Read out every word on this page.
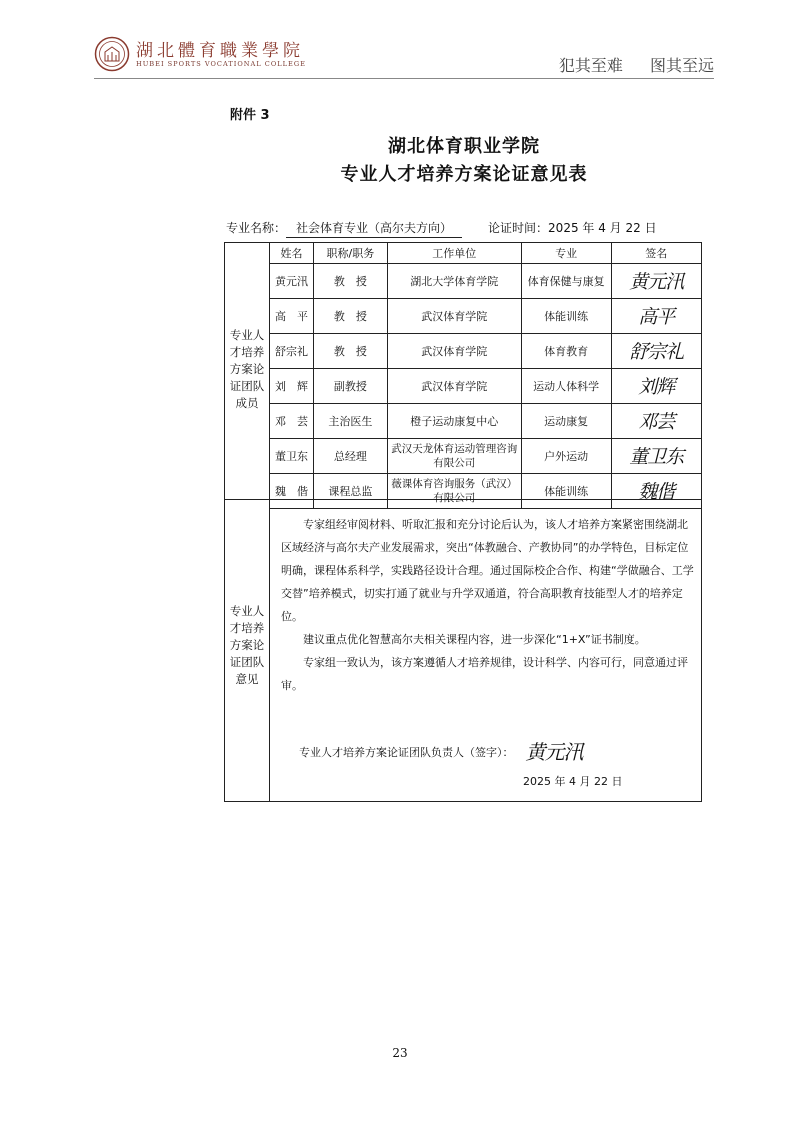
湖北體育職業學院
HUBEI SPORTS VOCATIONAL COLLEGE	犯其至难 图其至远
附件 3
湖北体育职业学院
专业人才培养方案论证意见表
专业名称： 社会体育专业（高尔夫方向）	论证时间：2025 年 4 月 22 日
专业人
才培养
方案论
证团队
成员
姓名	职称/职务	工作单位	专业	签名
黄元汛	教　授	湖北大学体育学院	体育保健与康复	黄元汛
高　平	教　授	武汉体育学院	体能训练	高平
舒宗礼	教　授	武汉体育学院	体育教育	舒宗礼
刘　辉	副教授	武汉体育学院	运动人体科学	刘辉
邓　芸	主治医生	橙子运动康复中心	运动康复	邓芸
董卫东	总经理	武汉天龙体育运动管理咨询有限公司	户外运动	董卫东
魏　偕	课程总监	薇课体育咨询服务（武汉）有限公司	体能训练	魏偕
专业人
才培养
方案论
证团队
意见

专家组经审阅材料、听取汇报和充分讨论后认为，该人才培养方案紧密围绕湖北区域经济与高尔夫产业发展需求，突出“体教融合、产教协同”的办学特色，目标定位明确，课程体系科学，实践路径设计合理。通过国际校企合作、构建“学做融合、工学交替”培养模式，切实打通了就业与升学双通道，符合高职教育技能型人才的培养定位。

建议重点优化智慧高尔夫相关课程内容，进一步深化“1+X”证书制度。

专家组一致认为，该方案遵循人才培养规律，设计科学、内容可行，同意通过评审。

专业人才培养方案论证团队负责人（签字）： 黄元汛
2025 年 4 月 22 日
23
